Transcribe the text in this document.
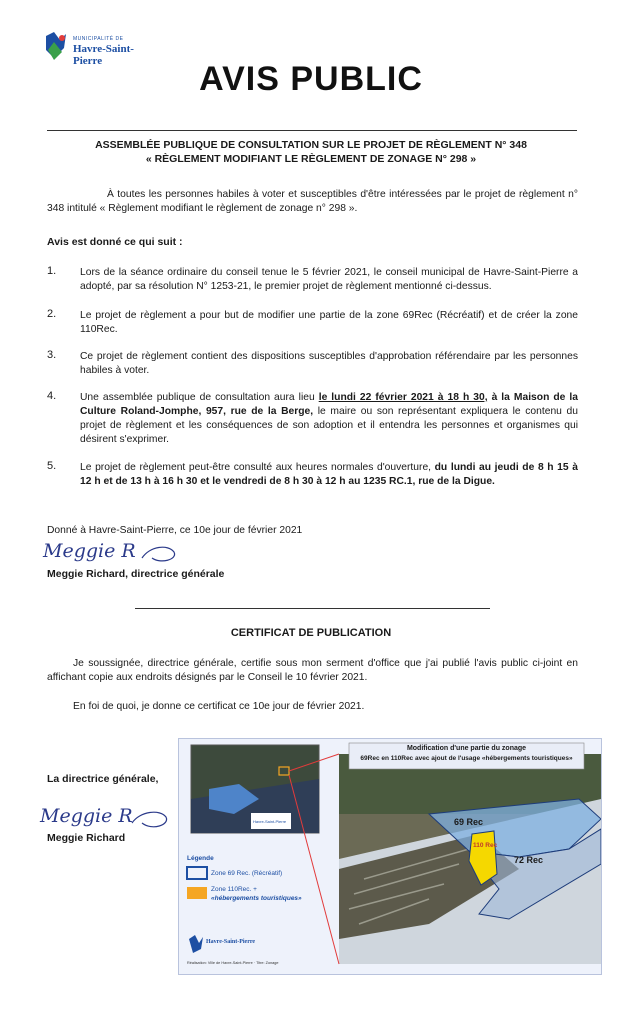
MUNICIPALITÉ DE
Havre-Saint-Pierre	AVIS PUBLIC
ASSEMBLÉE PUBLIQUE DE CONSULTATION SUR LE PROJET DE RÈGLEMENT N° 348
« RÈGLEMENT MODIFIANT LE RÈGLEMENT DE ZONAGE N° 298 »
À toutes les personnes habiles à voter et susceptibles d'être intéressées par le projet de règlement n° 348 intitulé « Règlement modifiant le règlement de zonage n° 298 ».
Avis est donné ce qui suit :
1. Lors de la séance ordinaire du conseil tenue le 5 février 2021, le conseil municipal de Havre-Saint-Pierre a adopté, par sa résolution N° 1253-21, le premier projet de règlement mentionné ci-dessus.
2. Le projet de règlement a pour but de modifier une partie de la zone 69Rec (Récréatif) et de créer la zone 110Rec.
3. Ce projet de règlement contient des dispositions susceptibles d'approbation référendaire par les personnes habiles à voter.
4. Une assemblée publique de consultation aura lieu le lundi 22 février 2021 à 18 h 30, à la Maison de la Culture Roland-Jomphe, 957, rue de la Berge, le maire ou son représentant expliquera le contenu du projet de règlement et les conséquences de son adoption et il entendra les personnes et organismes qui désirent s'exprimer.
5. Le projet de règlement peut-être consulté aux heures normales d'ouverture, du lundi au jeudi de 8 h 15 à 12 h et de 13 h à 16 h 30 et le vendredi de 8 h 30 à 12 h au 1235 RC.1, rue de la Digue.
Donné à Havre-Saint-Pierre, ce 10e jour de février 2021
Meggie R
Meggie Richard, directrice générale
CERTIFICAT DE PUBLICATION
Je soussignée, directrice générale, certifie sous mon serment d'office que j'ai publié l'avis public ci-joint en affichant copie aux endroits désignés par le Conseil le 10 février 2021.
En foi de quoi, je donne ce certificat ce 10e jour de février 2021.
La directrice générale,
Meggie R
Meggie Richard
Modification d'une partie du zonage
69Rec en 110Rec avec ajout de l'usage «hébergements touristiques»
69 Rec
110 Rec
72 Rec
Havre-Saint-Pierre
Légende
Zone 69 Rec. (Récréatif)
Zone 110Rec. +
«hébergements touristiques»
Havre-Saint-Pierre
Réalisation: Ville de Havre-Saint-Pierre · Titre: Zonage
